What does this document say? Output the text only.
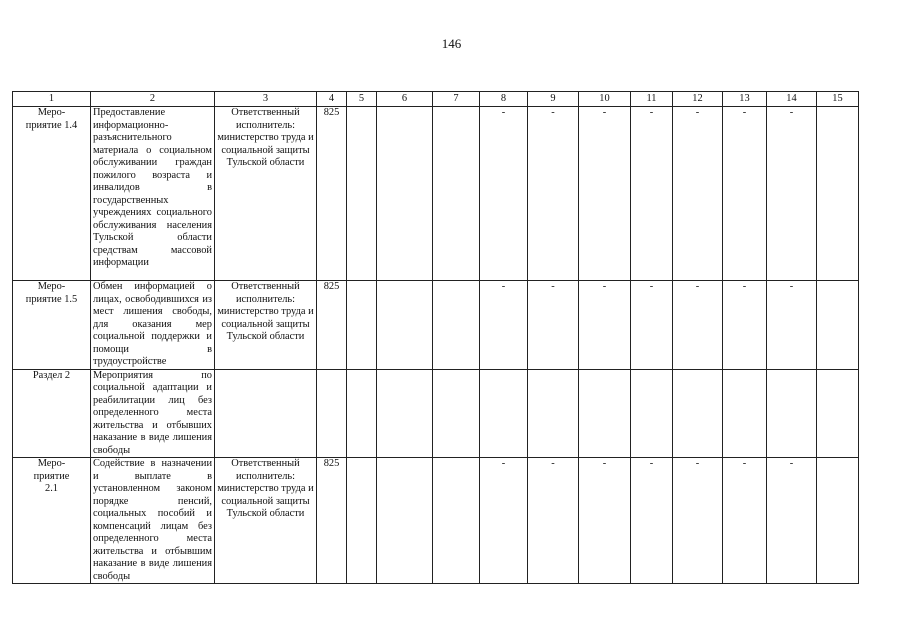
146
1	2	3	4	5	6	7	8	9	10	11	12	13	14	15
Меро-
приятие 1.4	Предоставление информационно-разъяснительного материала о социальном обслуживании граждан пожилого возраста и инвалидов в государственных учреждениях социального обслуживания населения Тульской области средствам массовой информации	Ответственный исполнитель: министерство труда и социальной защиты Тульской области	825				-	-	-	-	-	-	-	
Меро-
приятие 1.5	Обмен информацией о лицах, освободившихся из мест лишения свободы, для оказания мер социальной поддержки и помощи в трудоустройстве	Ответственный исполнитель: министерство труда и социальной защиты Тульской области	825				-	-	-	-	-	-	-	
Раздел 2	Мероприятия по социальной адаптации и реабилитации лиц без определенного места жительства и отбывших наказание в виде лишения свободы													
Меро-
приятие
2.1	Содействие в назначении и выплате в установленном законом порядке пенсий, социальных пособий и компенсаций лицам без определенного места жительства и отбывшим наказание в виде лишения свободы	Ответственный исполнитель: министерство труда и социальной защиты Тульской области	825				-	-	-	-	-	-	-	
